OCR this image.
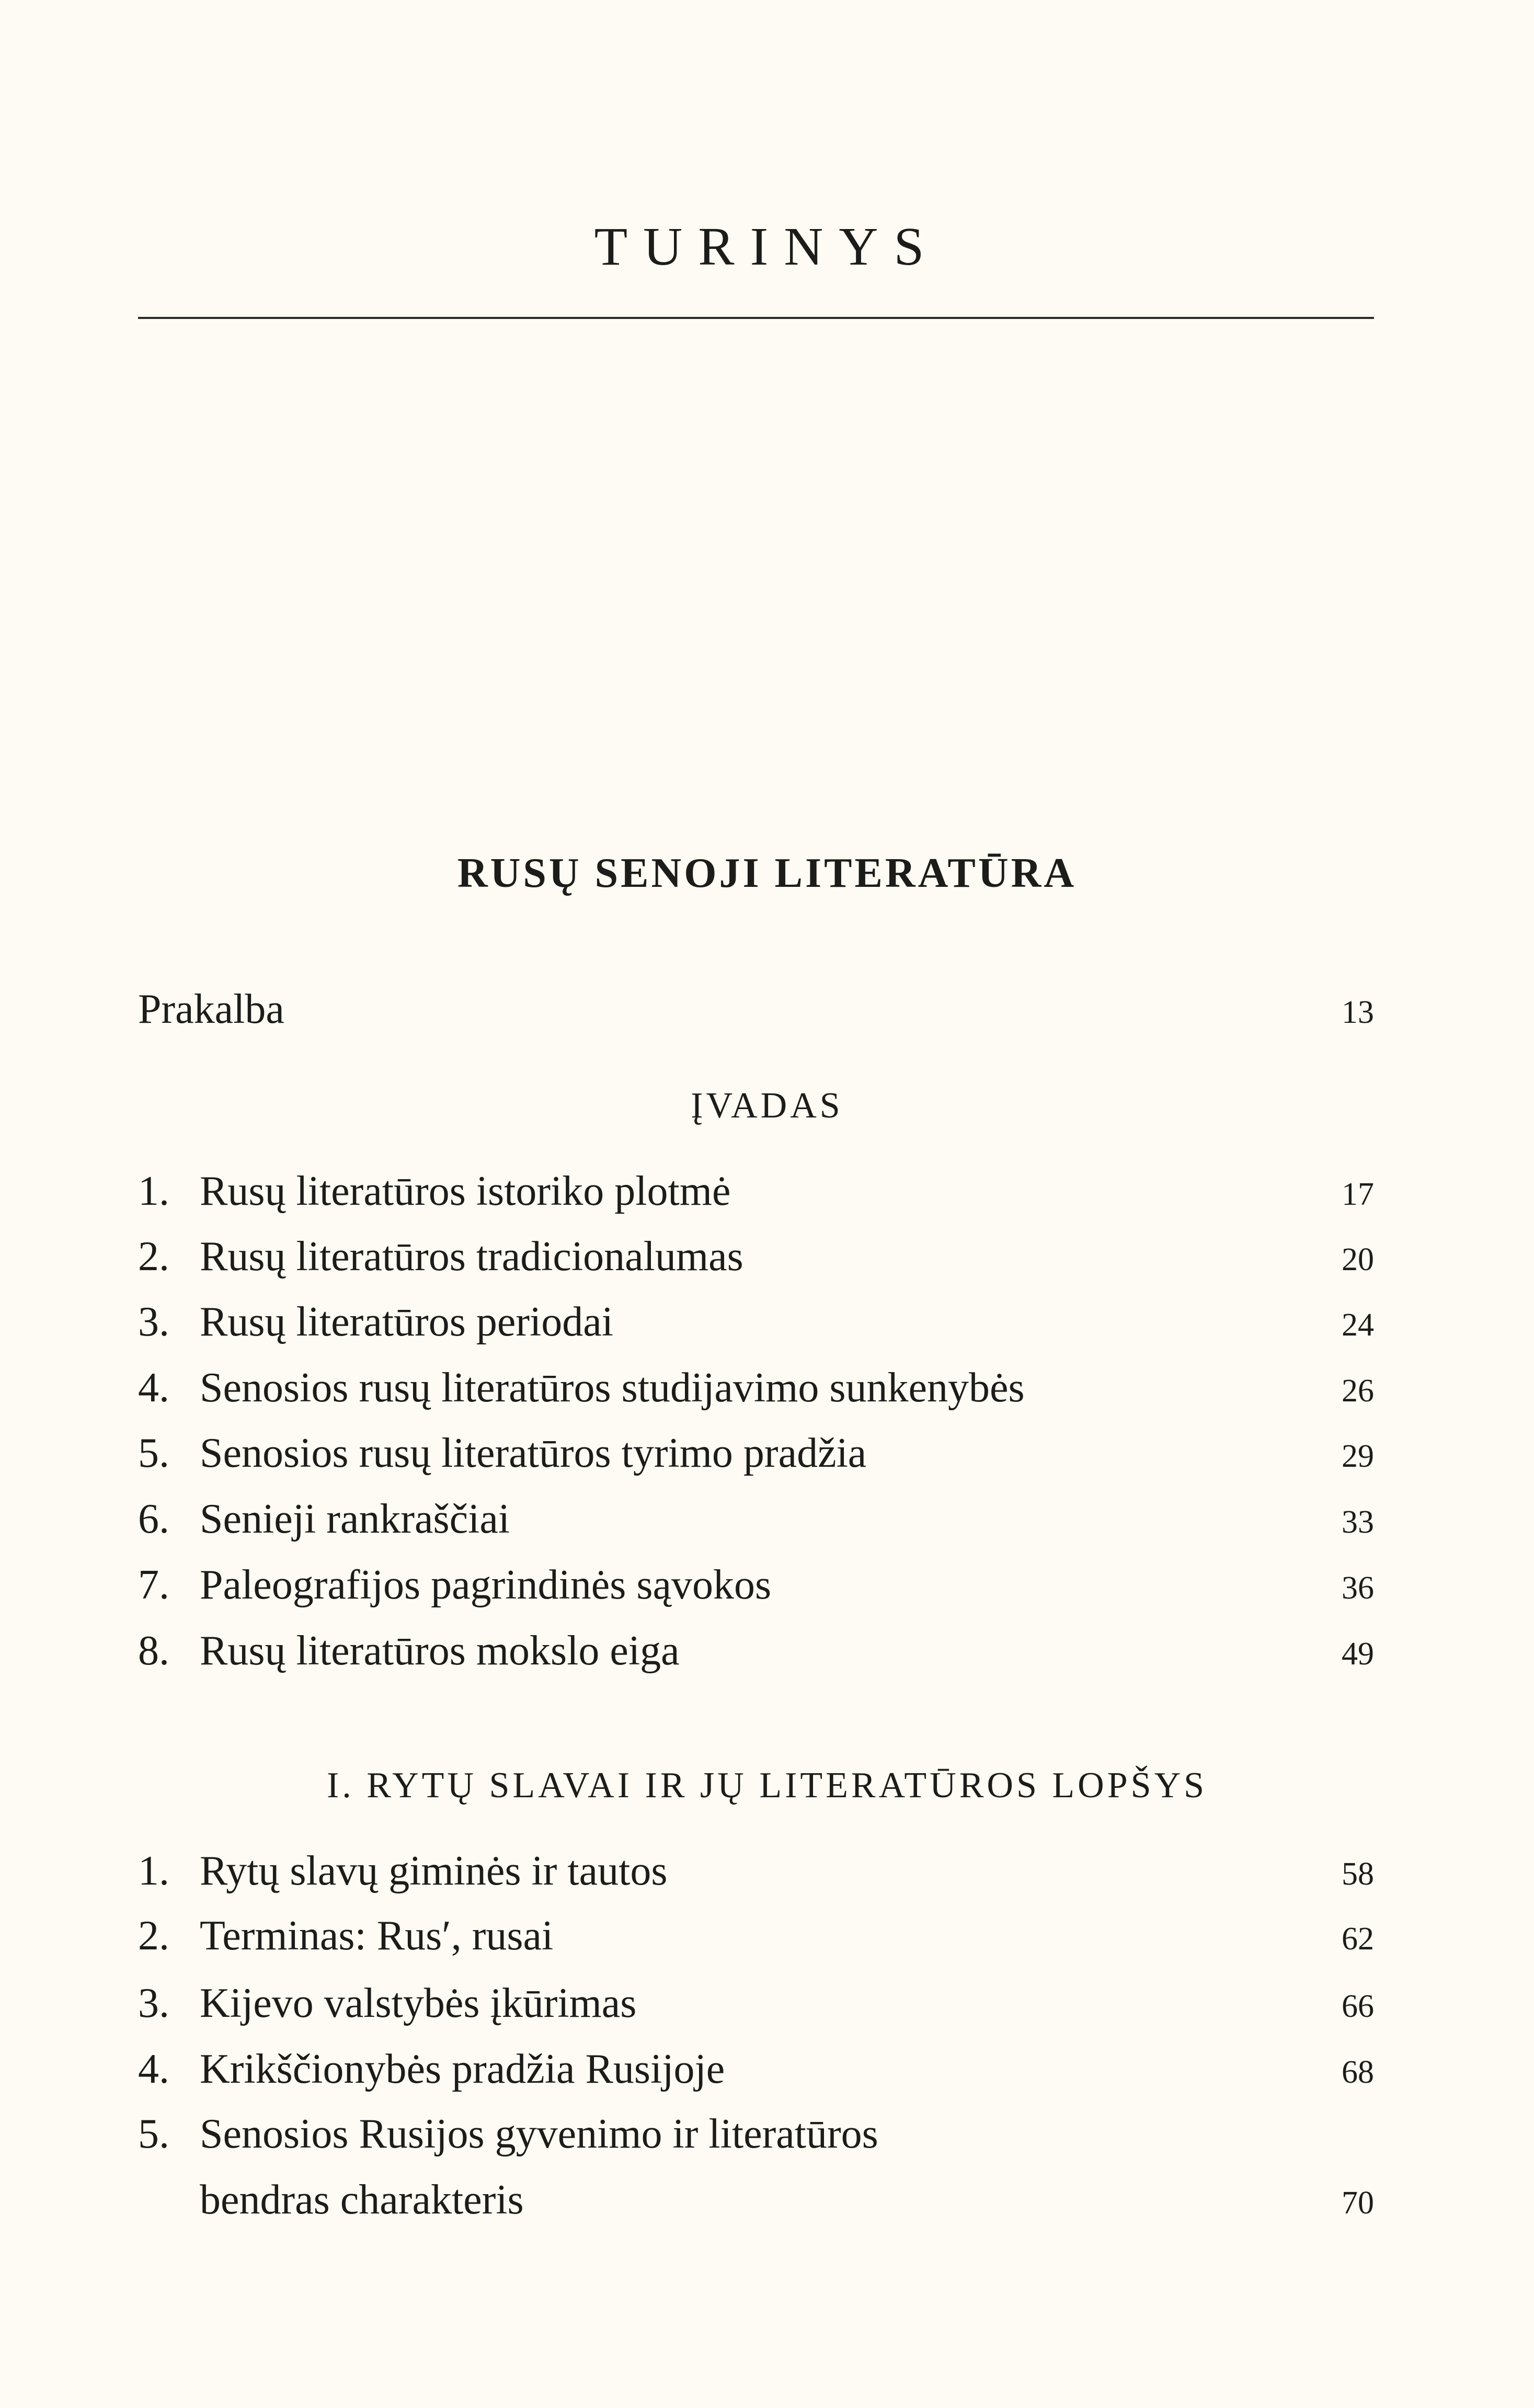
TURINYS
RUSŲ SENOJI LITERATŪRA
Prakalba	13
ĮVADAS
1. Rusų literatūros istoriko plotmė	17
2. Rusų literatūros tradicionalumas	20
3. Rusų literatūros periodai	24
4. Senosios rusų literatūros studijavimo sunkenybės	26
5. Senosios rusų literatūros tyrimo pradžia	29
6. Senieji rankraščiai	33
7. Paleografijos pagrindinės sąvokos	36
8. Rusų literatūros mokslo eiga	49
I. RYTŲ SLAVAI IR JŲ LITERATŪROS LOPŠYS
1. Rytų slavų giminės ir tautos	58
2. Terminas: Rus′, rusai	62
3. Kijevo valstybės įkūrimas	66
4. Krikščionybės pradžia Rusijoje	68
5. Senosios Rusijos gyvenimo ir literatūros
bendras charakteris	70
